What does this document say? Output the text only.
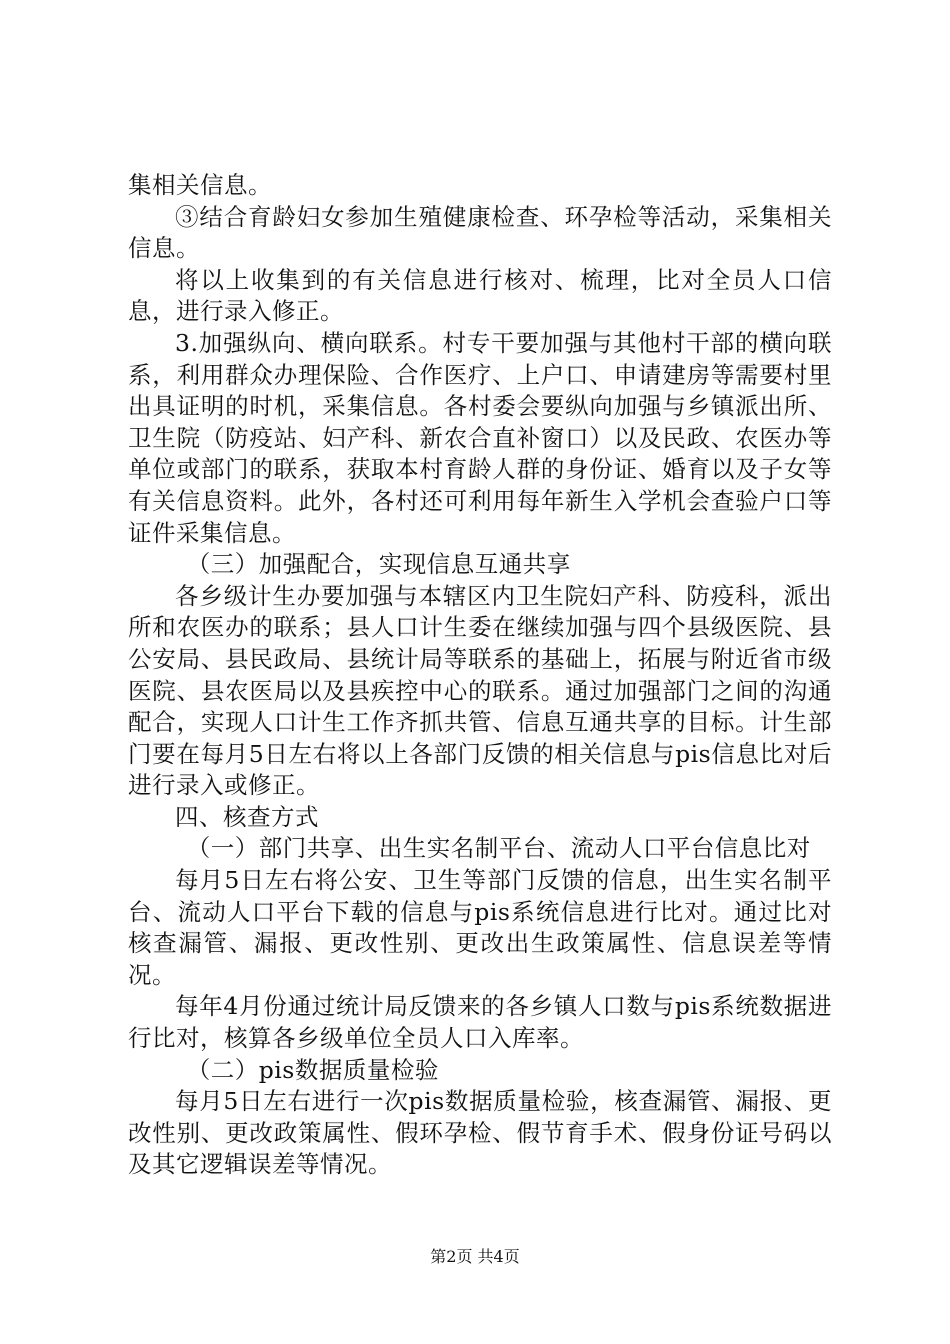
集相关信息。

③结合育龄妇女参加生殖健康检查、环孕检等活动，采集相关信息。

将以上收集到的有关信息进行核对、梳理，比对全员人口信息，进行录入修正。

3.加强纵向、横向联系。村专干要加强与其他村干部的横向联系，利用群众办理保险、合作医疗、上户口、申请建房等需要村里出具证明的时机，采集信息。各村委会要纵向加强与乡镇派出所、卫生院（防疫站、妇产科、新农合直补窗口）以及民政、农医办等单位或部门的联系，获取本村育龄人群的身份证、婚育以及子女等有关信息资料。此外，各村还可利用每年新生入学机会查验户口等证件采集信息。

（三）加强配合，实现信息互通共享

各乡级计生办要加强与本辖区内卫生院妇产科、防疫科，派出所和农医办的联系；县人口计生委在继续加强与四个县级医院、县公安局、县民政局、县统计局等联系的基础上，拓展与附近省市级医院、县农医局以及县疾控中心的联系。通过加强部门之间的沟通配合，实现人口计生工作齐抓共管、信息互通共享的目标。计生部门要在每月5日左右将以上各部门反馈的相关信息与pis信息比对后进行录入或修正。

四、核查方式

（一）部门共享、出生实名制平台、流动人口平台信息比对

每月5日左右将公安、卫生等部门反馈的信息，出生实名制平台、流动人口平台下载的信息与pis系统信息进行比对。通过比对核查漏管、漏报、更改性别、更改出生政策属性、信息误差等情况。

每年4月份通过统计局反馈来的各乡镇人口数与pis系统数据进行比对，核算各乡级单位全员人口入库率。

（二）pis数据质量检验

每月5日左右进行一次pis数据质量检验，核查漏管、漏报、更改性别、更改政策属性、假环孕检、假节育手术、假身份证号码以及其它逻辑误差等情况。

第2页 共4页
